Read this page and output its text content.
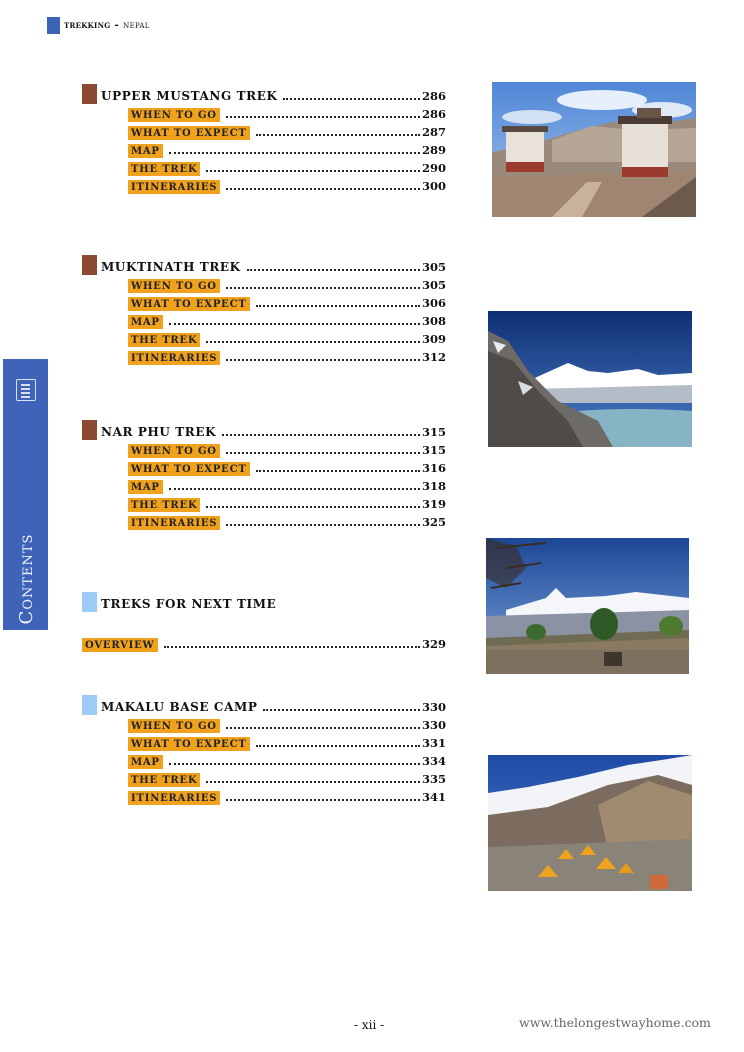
trekking - nepal
Contents
UPPER MUSTANG TREK	286
WHEN TO GO	286
WHAT TO EXPECT	287
MAP	289
THE TREK	290
ITINERARIES	300
MUKTINATH TREK	305
WHEN TO GO	305
WHAT TO EXPECT	306
MAP	308
THE TREK	309
ITINERARIES	312
NAR PHU TREK	315
WHEN TO GO	315
WHAT TO EXPECT	316
MAP	318
THE TREK	319
ITINERARIES	325
TREKS FOR NEXT TIME
OVERVIEW	329
MAKALU BASE CAMP	330
WHEN TO GO	330
WHAT TO EXPECT	331
MAP	334
THE TREK	335
ITINERARIES	341
- xii -	www.thelongestwayhome.com
